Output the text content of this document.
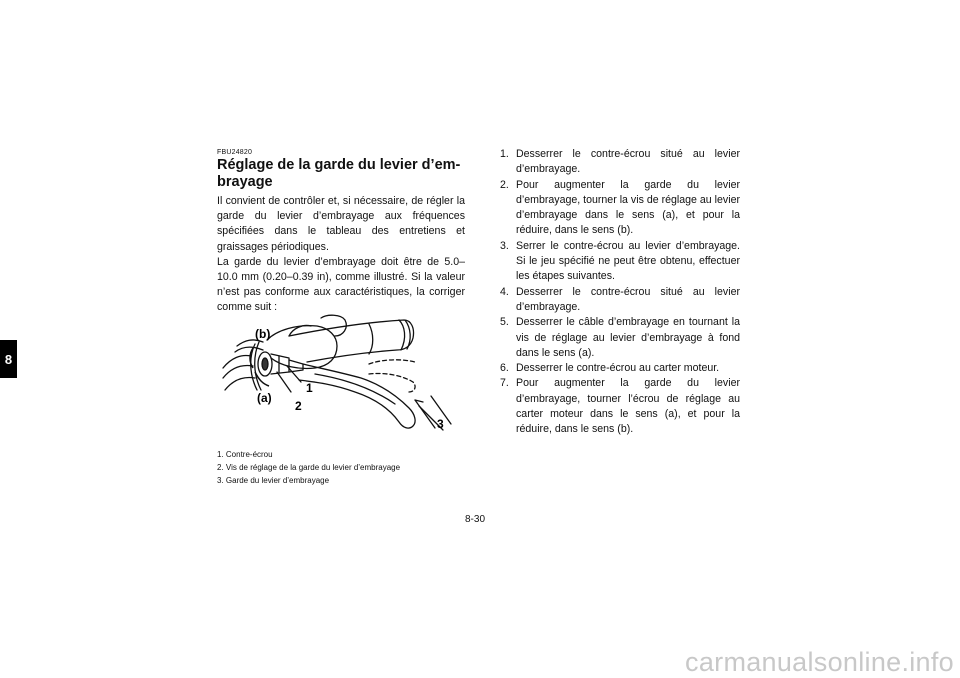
8
FBU24820
Réglage de la garde du levier d’em-brayage

Il convient de contrôler et, si nécessaire, de régler la garde du levier d’embrayage aux fréquences spécifiées dans le tableau des entretiens et graissages périodiques.

La garde du levier d’embrayage doit être de 5.0–10.0 mm (0.20–0.39 in), comme illustré. Si la valeur n’est pas conforme aux caractéristiques, la corriger comme suit :

(b)
(a)
1
2
3
1. Contre-écrou
2. Vis de réglage de la garde du levier d’embrayage
3. Garde du levier d’embrayage
1. Desserrer le contre-écrou situé au levier d’embrayage.
2. Pour augmenter la garde du levier d’embrayage, tourner la vis de réglage au levier d’embrayage dans le sens (a), et pour la réduire, dans le sens (b).
3. Serrer le contre-écrou au levier d’embrayage. Si le jeu spécifié ne peut être obtenu, effectuer les étapes suivantes.
4. Desserrer le contre-écrou situé au levier d’embrayage.
5. Desserrer le câble d’embrayage en tournant la vis de réglage au levier d’embrayage à fond dans le sens (a).
6. Desserrer le contre-écrou au carter moteur.
7. Pour augmenter la garde du levier d’embrayage, tourner l’écrou de réglage au carter moteur dans le sens (a), et pour la réduire, dans le sens (b).
8-30
carmanualsonline.info
